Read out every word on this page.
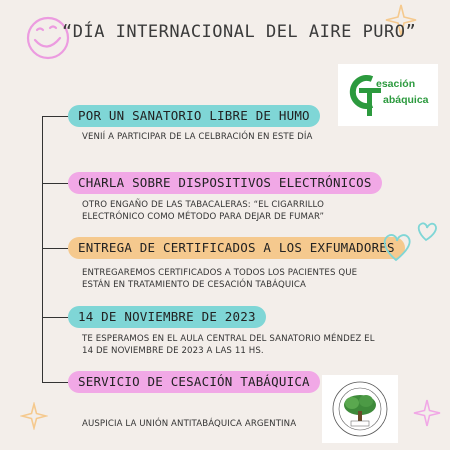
“DÍA INTERNACIONAL DEL AIRE PURO”
esación
abáquica
POR UN SANATORIO LIBRE DE HUMO
VENIÍ A PARTICIPAR DE LA CELBRACIÓN EN ESTE DÍA
CHARLA SOBRE DISPOSITIVOS ELECTRÓNICOS
OTRO ENGAÑO DE LAS TABACALERAS: “EL CIGARRILLO
ELECTRÓNICO COMO MÉTODO PARA DEJAR DE FUMAR”
ENTREGA DE CERTIFICADOS A LOS EXFUMADORES
ENTREGAREMOS CERTIFICADOS A TODOS LOS PACIENTES QUE
ESTÁN EN TRATAMIENTO DE CESACIÓN TABÁQUICA
14 DE NOVIEMBRE DE 2023
TE ESPERAMOS EN EL AULA CENTRAL DEL SANATORIO MÉNDEZ EL
14 DE NOVIEMBRE DE 2023 A LAS 11 HS.
SERVICIO DE CESACIÓN TABÁQUICA
AUSPICIA LA UNIÓN ANTITABÁQUICA ARGENTINA
